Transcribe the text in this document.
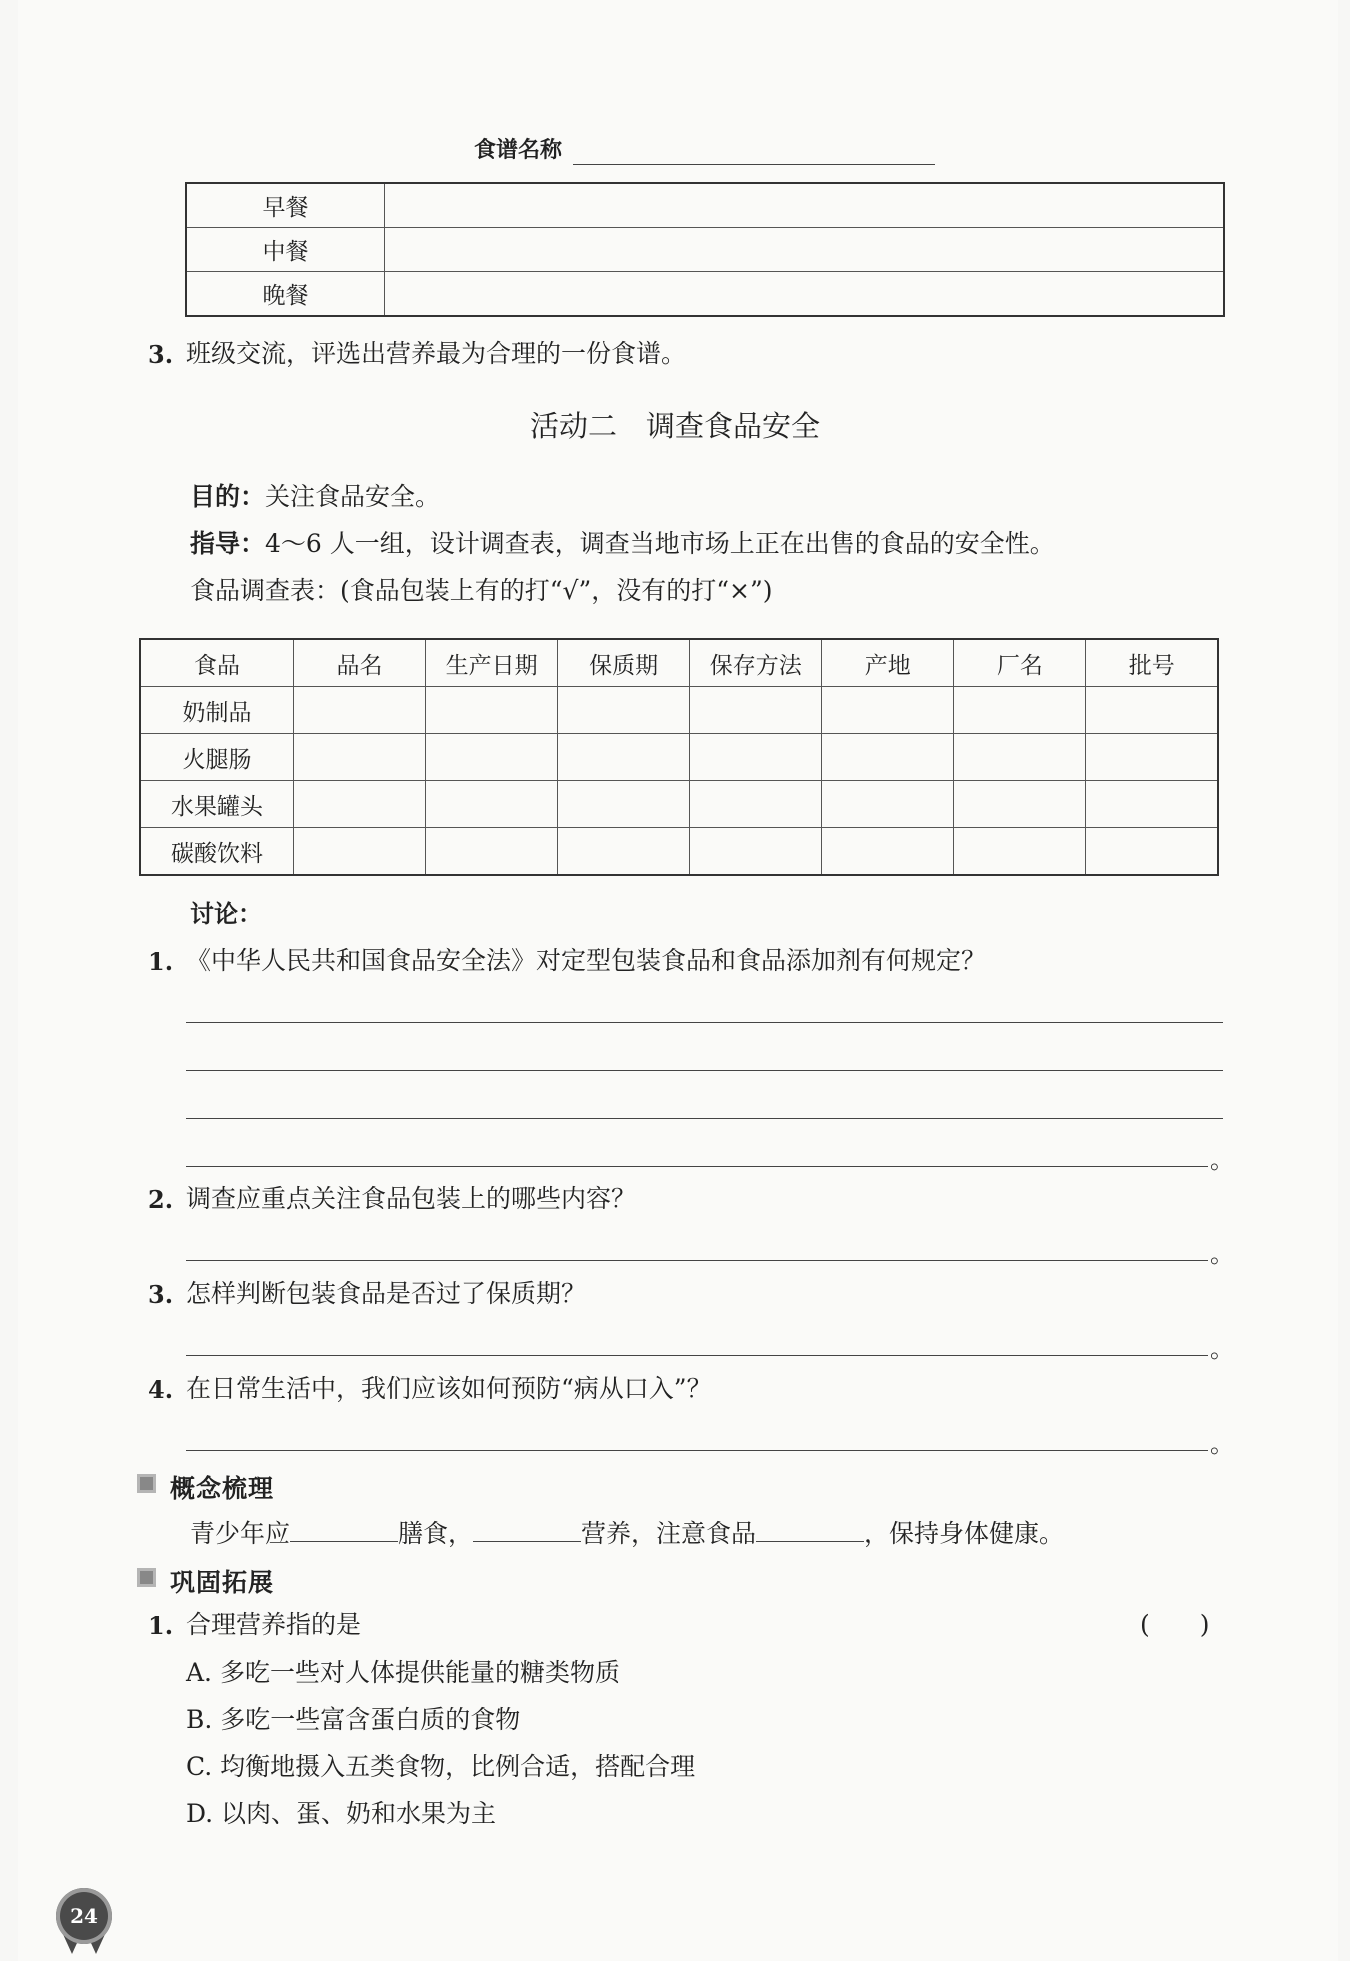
食谱名称
早餐	
中餐	
晚餐	
3. 班级交流，评选出营养最为合理的一份食谱。
活动二　调查食品安全
目的：关注食品安全。
指导：4～6 人一组，设计调查表，调查当地市场上正在出售的食品的安全性。
食品调查表：(食品包装上有的打“√”，没有的打“×”)
食品	品名	生产日期	保质期	保存方法	产地	厂名	批号
奶制品							
火腿肠							
水果罐头							
碳酸饮料							
讨论：
1. 《中华人民共和国食品安全法》对定型包装食品和食品添加剂有何规定？
。
2. 调查应重点关注食品包装上的哪些内容？
。
3. 怎样判断包装食品是否过了保质期？
。
4. 在日常生活中，我们应该如何预防“病从口入”？
。
概念梳理
青少年应	膳食，	营养，注意食品	，保持身体健康。
巩固拓展
1. 合理营养指的是	(　　)
A. 多吃一些对人体提供能量的糖类物质
B. 多吃一些富含蛋白质的食物
C. 均衡地摄入五类食物，比例合适，搭配合理
D. 以肉、蛋、奶和水果为主
24
